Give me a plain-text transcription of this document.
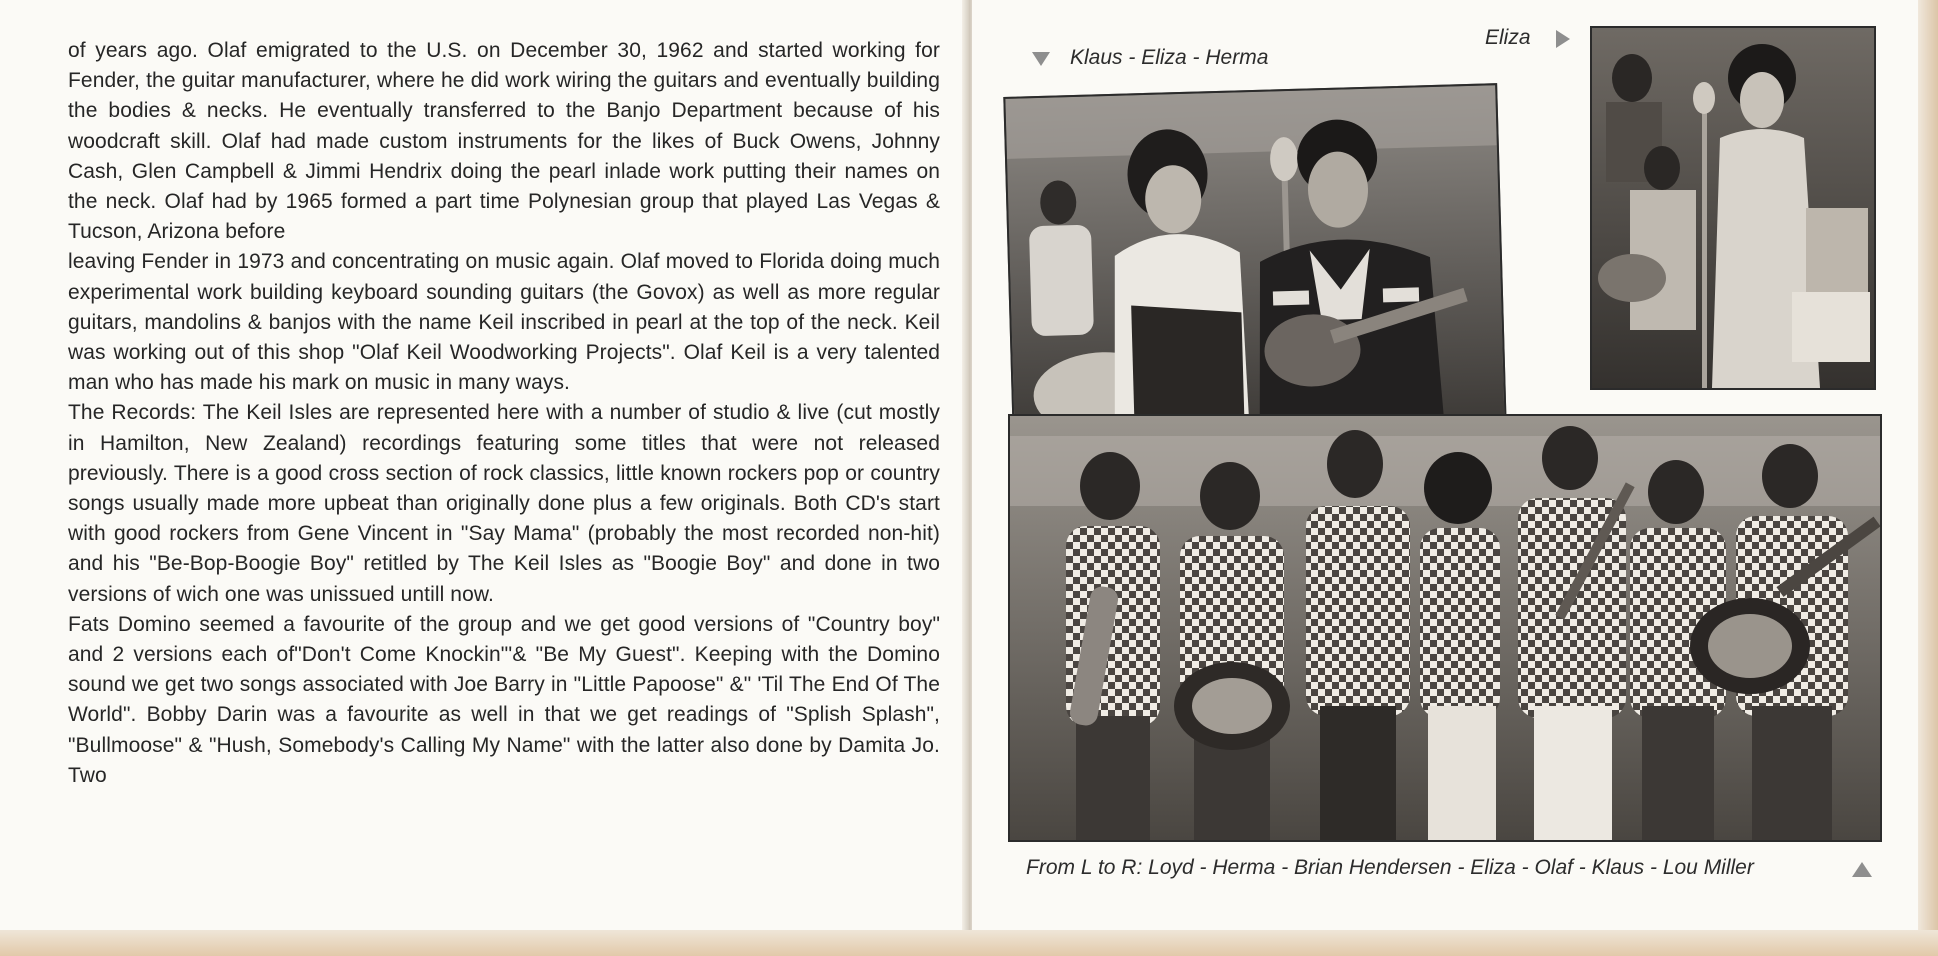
of years ago. Olaf emigrated to the U.S. on December 30, 1962 and started working for Fender, the guitar manufacturer, where he did work wiring the guitars and eventually building the bodies & necks. He eventually transferred to the Banjo Department because of his woodcraft skill. Olaf had made custom instruments for the likes of Buck Owens, Johnny Cash, Glen Campbell & Jimmi Hendrix doing the pearl inlade work putting their names on the neck. Olaf had by 1965 formed a part time Polynesian group that played Las Vegas & Tucson, Arizona before

leaving Fender in 1973 and concentrating on music again. Olaf moved to Florida doing much experimental work building keyboard sounding guitars (the Govox) as well as more regular guitars, mandolins & banjos with the name Keil inscribed in pearl at the top of the neck. Keil was working out of this shop "Olaf Keil Woodworking Projects". Olaf Keil is a very talented man who has made his mark on music in many ways.

The Records: The Keil Isles are represented here with a number of studio & live (cut mostly in Hamilton, New Zealand) recordings featuring some titles that were not released previously. There is a good cross section of rock classics, little known rockers pop or country songs usually made more upbeat than originally done plus a few originals. Both CD's start with good rockers from Gene Vincent in "Say Mama" (probably the most recorded non-hit) and his "Be-Bop-Boogie Boy" retitled by The Keil Isles as "Boogie Boy" and done in two versions of wich one was unissued untill now.

Fats Domino seemed a favourite of the group and we get good versions of "Country boy" and 2 versions each of"Don't Come Knockin"'& "Be My Guest". Keeping with the Domino sound we get two songs associated with Joe Barry in "Little Papoose" &" 'Til The End Of The World". Bobby Darin was a favourite as well in that we get readings of "Splish Splash", "Bullmoose" & "Hush, Somebody's Calling My Name" with the latter also done by Damita Jo. Two

Klaus - Eliza - Herma
Eliza
From L to R: Loyd - Herma - Brian Hendersen - Eliza - Olaf - Klaus - Lou Miller
